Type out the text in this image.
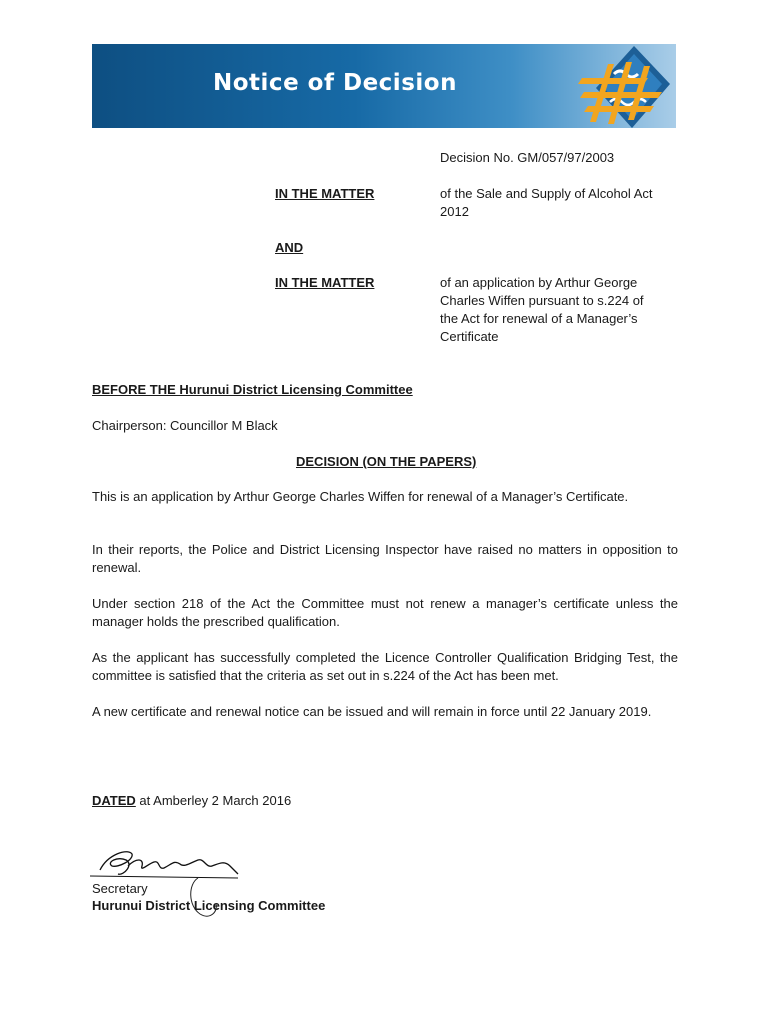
Notice of Decision
Decision No. GM/057/97/2003
IN THE MATTER	of the Sale and Supply of Alcohol Act
2012
AND
IN THE MATTER	of an application by Arthur George
Charles Wiffen pursuant to s.224 of
the Act for renewal of a Manager’s
Certificate
BEFORE THE Hurunui District Licensing Committee
Chairperson: Councillor M Black
DECISION (ON THE PAPERS)
This is an application by Arthur George Charles Wiffen for renewal of a Manager’s Certificate.
In their reports, the Police and District Licensing Inspector have raised no matters in opposition to renewal.
Under section 218 of the Act the Committee must not renew a manager’s certificate unless the manager holds the prescribed qualification.
As the applicant has successfully completed the Licence Controller Qualification Bridging Test, the committee is satisfied that the criteria as set out in s.224 of the Act has been met.
A new certificate and renewal notice can be issued and will remain in force until 22 January 2019.
DATED at Amberley 2 March 2016
Secretary
Hurunui District Licensing Committee
